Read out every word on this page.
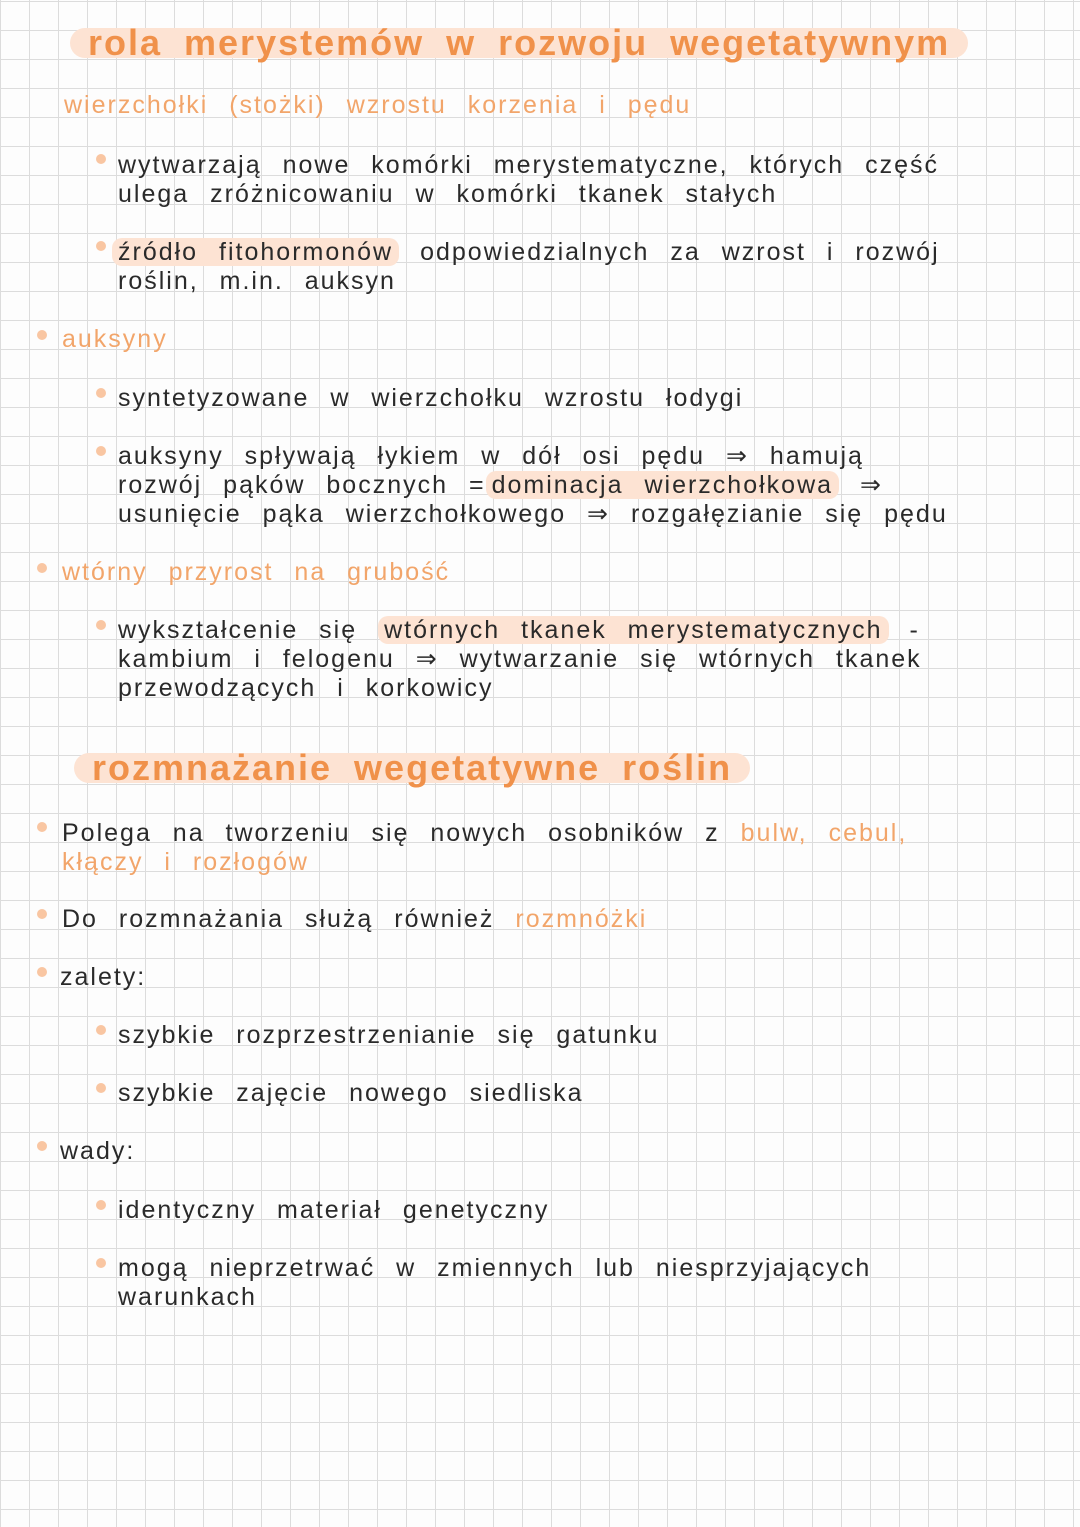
rola merystemów w rozwoju wegetatywnym
wierzchołki (stożki) wzrostu korzenia i pędu
wytwarzają nowe komórki merystematyczne, których część
ulega zróżnicowaniu w komórki tkanek stałych
źródło fitohormonów odpowiedzialnych za wzrost i rozwój
roślin, m.in. auksyn
auksyny
syntetyzowane w wierzchołku wzrostu łodygi
auksyny spływają łykiem w dół osi pędu ⇒ hamują
rozwój pąków bocznych = dominacja wierzchołkowa ⇒
usunięcie pąka wierzchołkowego ⇒ rozgałęzianie się pędu
wtórny przyrost na grubość
wykształcenie się wtórnych tkanek merystematycznych -
kambium i felogenu ⇒ wytwarzanie się wtórnych tkanek
przewodzących i korkowicy
rozmnażanie wegetatywne roślin
Polega na tworzeniu się nowych osobników z bulw, cebul,
kłączy i rozłogów
Do rozmnażania służą również rozmnóżki
zalety:
szybkie rozprzestrzenianie się gatunku
szybkie zajęcie nowego siedliska
wady:
identyczny materiał genetyczny
mogą nieprzetrwać w zmiennych lub niesprzyjających
warunkach
